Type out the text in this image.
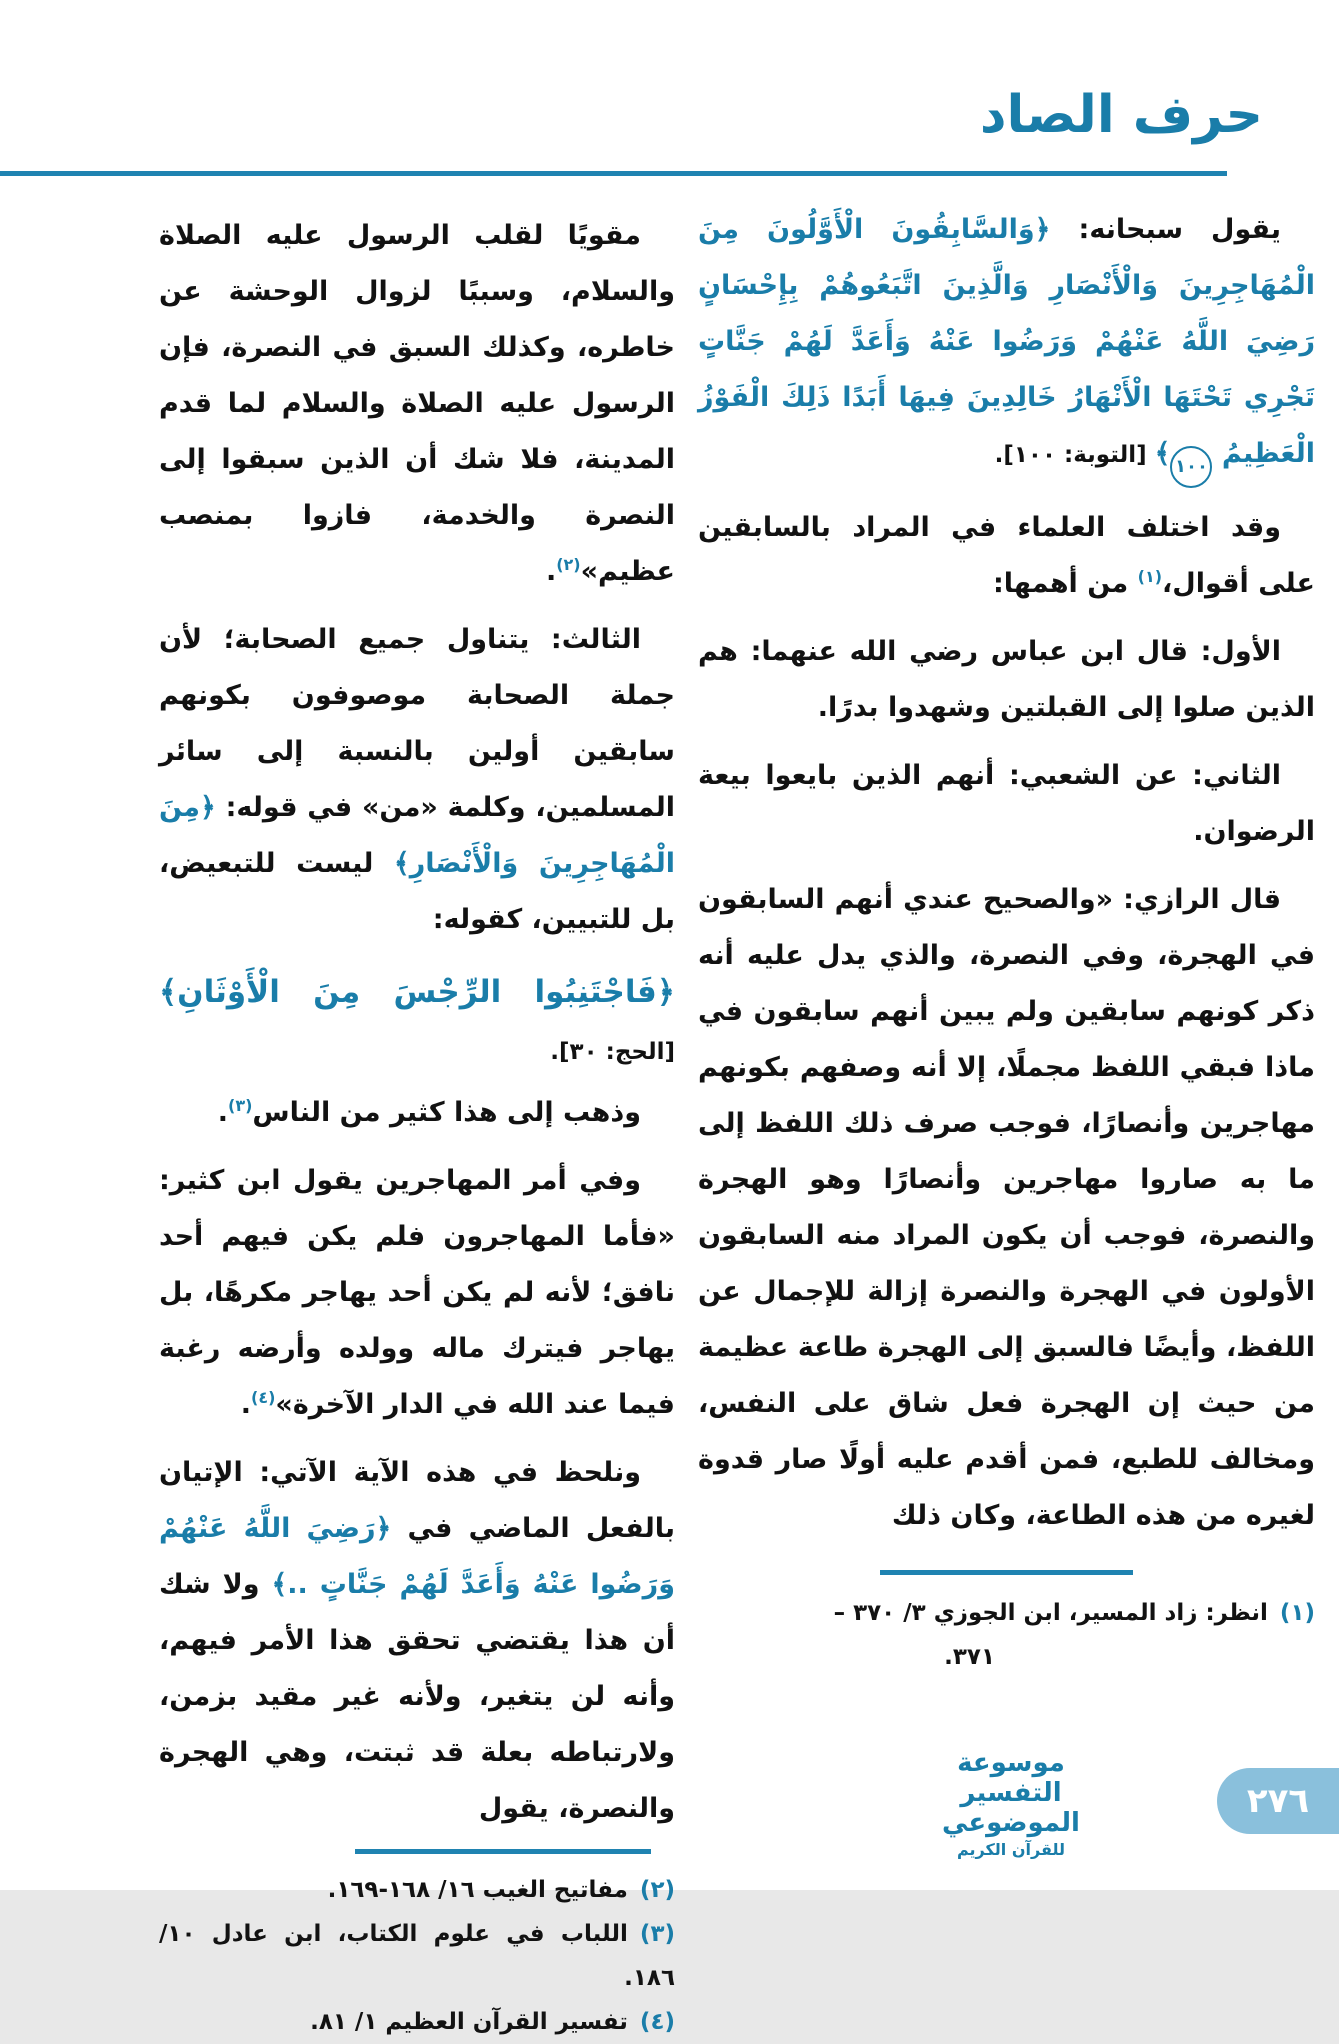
حرف الصاد

يقول سبحانه: ﴿وَالسَّابِقُونَ الْأَوَّلُونَ مِنَ الْمُهَاجِرِينَ وَالْأَنْصَارِ وَالَّذِينَ اتَّبَعُوهُمْ بِإِحْسَانٍ رَضِيَ اللَّهُ عَنْهُمْ وَرَضُوا عَنْهُ وَأَعَدَّ لَهُمْ جَنَّاتٍ تَجْرِي تَحْتَهَا الْأَنْهَارُ خَالِدِينَ فِيهَا أَبَدًا ذَلِكَ الْفَوْزُ الْعَظِيمُ ١٠٠﴾ [التوبة: ١٠٠].

وقد اختلف العلماء في المراد بالسابقين على أقوال،$^{(١)}$ من أهمها:

الأول: قال ابن عباس رضي الله عنهما: هم الذين صلوا إلى القبلتين وشهدوا بدرًا.

الثاني: عن الشعبي: أنهم الذين بايعوا بيعة الرضوان.

قال الرازي: «والصحيح عندي أنهم السابقون في الهجرة، وفي النصرة، والذي يدل عليه أنه ذكر كونهم سابقين ولم يبين أنهم سابقون في ماذا فبقي اللفظ مجملًا، إلا أنه وصفهم بكونهم مهاجرين وأنصارًا، فوجب صرف ذلك اللفظ إلى ما به صاروا مهاجرين وأنصارًا وهو الهجرة والنصرة، فوجب أن يكون المراد منه السابقون الأولون في الهجرة والنصرة إزالة للإجمال عن اللفظ، وأيضًا فالسبق إلى الهجرة طاعة عظيمة من حيث إن الهجرة فعل شاق على النفس، ومخالف للطبع، فمن أقدم عليه أولًا صار قدوة لغيره من هذه الطاعة، وكان ذلك

(١)انظر: زاد المسير، ابن الجوزي ٣/ ٣٧٠ –
٣٧١.

مقويًا لقلب الرسول عليه الصلاة والسلام، وسببًا لزوال الوحشة عن خاطره، وكذلك السبق في النصرة، فإن الرسول عليه الصلاة والسلام لما قدم المدينة، فلا شك أن الذين سبقوا إلى النصرة والخدمة، فازوا بمنصب عظيم»$^{(٢)}$.

الثالث: يتناول جميع الصحابة؛ لأن جملة الصحابة موصوفون بكونهم سابقين أولين بالنسبة إلى سائر المسلمين، وكلمة «من» في قوله: ﴿مِنَ الْمُهَاجِرِينَ وَالْأَنْصَارِ﴾ ليست للتبعيض، بل للتبيين، كقوله:

﴿فَاجْتَنِبُوا الرِّجْسَ مِنَ الْأَوْثَانِ﴾

[الحج: ٣٠].

وذهب إلى هذا كثير من الناس$^{(٣)}$.

وفي أمر المهاجرين يقول ابن كثير: «فأما المهاجرون فلم يكن فيهم أحد نافق؛ لأنه لم يكن أحد يهاجر مكرهًا، بل يهاجر فيترك ماله وولده وأرضه رغبة فيما عند الله في الدار الآخرة»$^{(٤)}$.

ونلحظ في هذه الآية الآتي: الإتيان بالفعل الماضي في ﴿رَضِيَ اللَّهُ عَنْهُمْ وَرَضُوا عَنْهُ وَأَعَدَّ لَهُمْ جَنَّاتٍ ..﴾ ولا شك أن هذا يقتضي تحقق هذا الأمر فيهم، وأنه لن يتغير، ولأنه غير مقيد بزمن، ولارتباطه بعلة قد ثبتت، وهي الهجرة والنصرة، يقول

(٢)مفاتيح الغيب ١٦/ ١٦٨-١٦٩.
(٣)اللباب في علوم الكتاب، ابن عادل ١٠/ ١٨٦.
(٤)تفسير القرآن العظيم ١/ ٨١.
موسوعة التفسير الموضوعي
للقرآن الكريم
٢٧٦
